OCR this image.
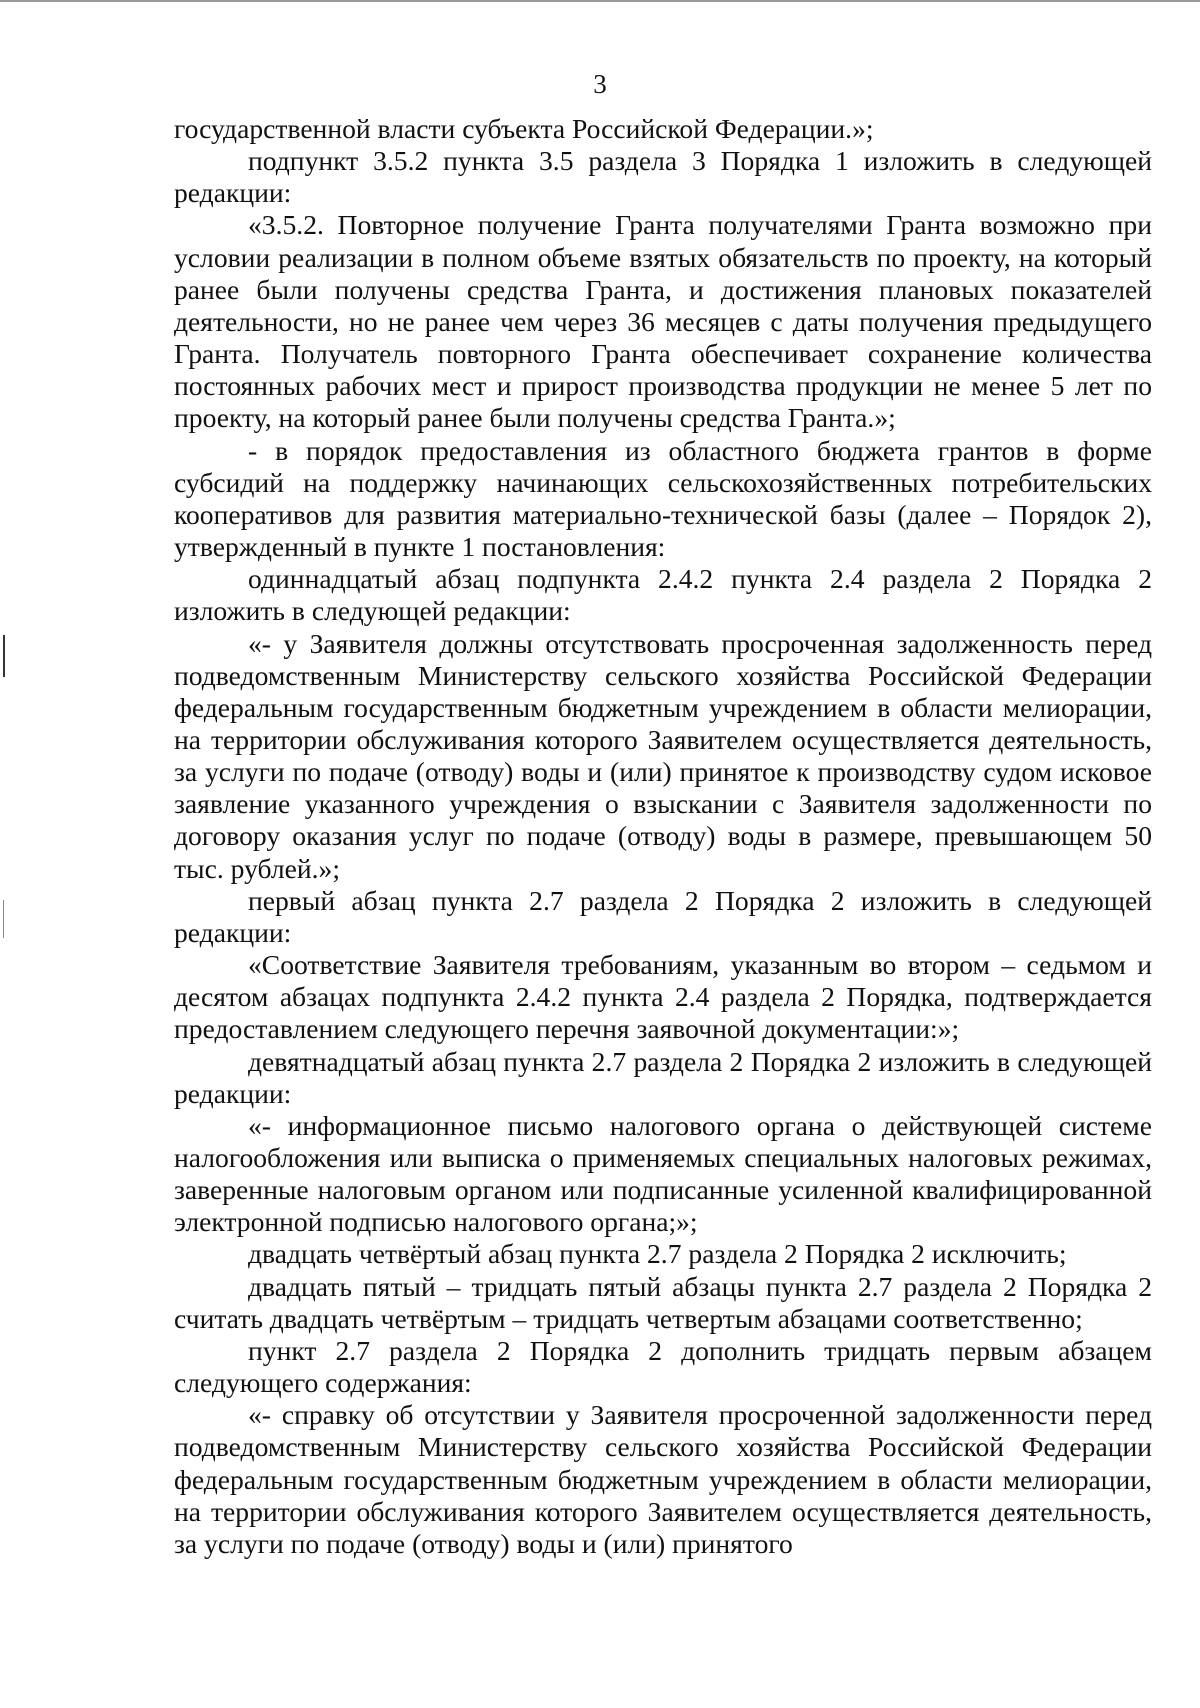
3

государственной власти субъекта Российской Федерации.»;

подпункт 3.5.2 пункта 3.5 раздела 3 Порядка 1 изложить в следующей редакции:

«3.5.2. Повторное получение Гранта получателями Гранта возможно при условии реализации в полном объеме взятых обязательств по проекту, на который ранее были получены средства Гранта, и достижения плановых показателей деятельности, но не ранее чем через 36 месяцев с даты получения предыдущего Гранта. Получатель повторного Гранта обеспечивает сохранение количества постоянных рабочих мест и прирост производства продукции не менее 5 лет по проекту, на который ранее были получены средства Гранта.»;

- в порядок предоставления из областного бюджета грантов в форме субсидий на поддержку начинающих сельскохозяйственных потребительских кооперативов для развития материально-технической базы (далее – Порядок 2), утвержденный в пункте 1 постановления:

одиннадцатый абзац подпункта 2.4.2 пункта 2.4 раздела 2 Порядка 2 изложить в следующей редакции:

«- у Заявителя должны отсутствовать просроченная задолженность перед подведомственным Министерству сельского хозяйства Российской Федерации федеральным государственным бюджетным учреждением в области мелиорации, на территории обслуживания которого Заявителем осуществляется деятельность, за услуги по подаче (отводу) воды и (или) принятое к производству судом исковое заявление указанного учреждения о взыскании с Заявителя задолженности по договору оказания услуг по подаче (отводу) воды в размере, превышающем 50 тыс. рублей.»;

первый абзац пункта 2.7 раздела 2 Порядка 2 изложить в следующей редакции:

«Соответствие Заявителя требованиям, указанным во втором – седьмом и десятом абзацах подпункта 2.4.2 пункта 2.4 раздела 2 Порядка, подтверждается предоставлением следующего перечня заявочной документации:»;

девятнадцатый абзац пункта 2.7 раздела 2 Порядка 2 изложить в следующей редакции:

«- информационное письмо налогового органа о действующей системе налогообложения или выписка о применяемых специальных налоговых режимах, заверенные налоговым органом или подписанные усиленной квалифицированной электронной подписью налогового органа;»;

двадцать четвёртый абзац пункта 2.7 раздела 2 Порядка 2 исключить;

двадцать пятый – тридцать пятый абзацы пункта 2.7 раздела 2 Порядка 2 считать двадцать четвёртым – тридцать четвертым абзацами соответственно;

пункт 2.7 раздела 2 Порядка 2 дополнить тридцать первым абзацем следующего содержания:

«- справку об отсутствии у Заявителя просроченной задолженности перед подведомственным Министерству сельского хозяйства Российской Федерации федеральным государственным бюджетным учреждением в области мелиорации, на территории обслуживания которого Заявителем осуществляется деятельность, за услуги по подаче (отводу) воды и (или) принятого
